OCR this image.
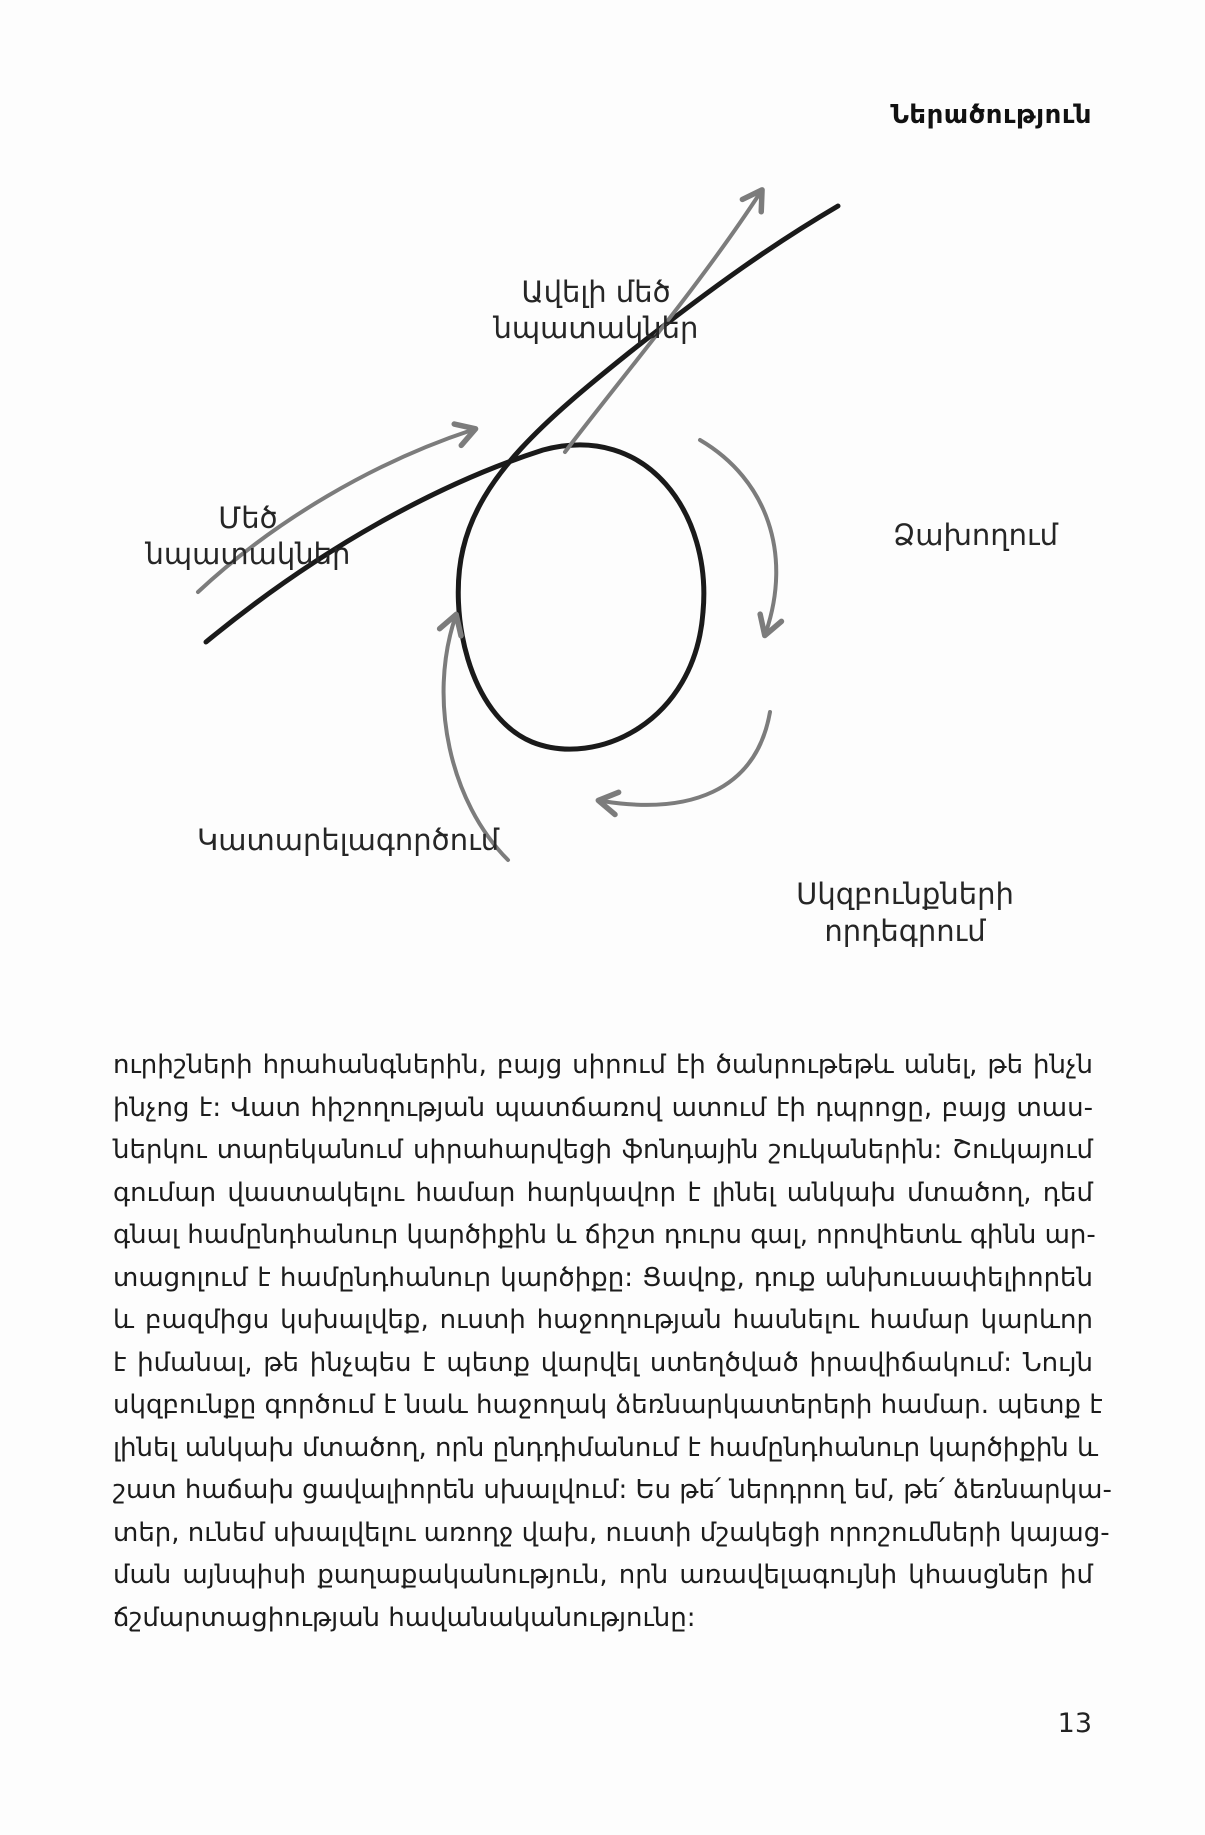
Ներածություն
Ավելի մեծ
նպատակներ
Մեծ
նպատակներ
Ձախողում
Կատարելագործում
Սկզբունքների
որդեգրում
ուրիշների հրահանգներին, բայց սիրում էի ծանրութեթև անել, թե ինչն
ինչոց է: Վատ հիշողության պատճառով ատում էի դպրոցը, բայց տաս-
ներկու տարեկանում սիրահարվեցի ֆոնդային շուկաներին: Շուկայում
գումար վաստակելու համար հարկավոր է լինել անկախ մտածող, դեմ
գնալ համընդհանուր կարծիքին և ճիշտ դուրս գալ, որովհետև գինն ար-
տացոլում է համընդհանուր կարծիքը: Ցավոք, դուք անխուսափելիորեն
և բազմիցս կսխալվեք, ուստի հաջողության հասնելու համար կարևոր
է իմանալ, թե ինչպես է պետք վարվել ստեղծված իրավիճակում: Նույն
սկզբունքը գործում է նաև հաջողակ ձեռնարկատերերի համար. պետք է
լինել անկախ մտածող, որն ընդդիմանում է համընդհանուր կարծիքին և
շատ հաճախ ցավալիորեն սխալվում: Ես թե՛ ներդրող եմ, թե՛ ձեռնարկա-
տեր, ունեմ սխալվելու առողջ վախ, ուստի մշակեցի որոշումների կայաց-
ման այնպիսի քաղաքականություն, որն առավելագույնի կհասցներ իմ
ճշմարտացիության հավանականությունը:
13
